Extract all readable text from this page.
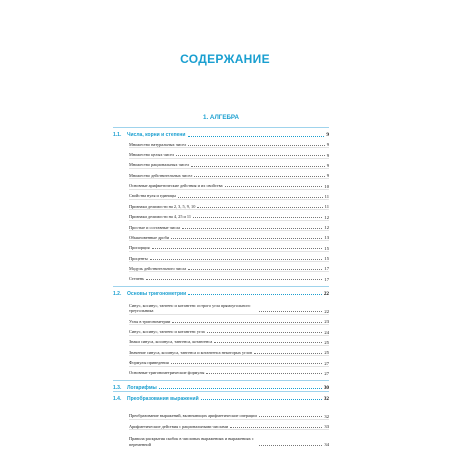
СОДЕРЖАНИЕ
1. АЛГЕБРА
1.1.	Числа, корни и степени	9
Множество натуральных чисел	9
Множество целых чисел	9
Множество рациональных чисел	9
Множество действительных чисел	9
Основные арифметические действия и их свойства	10
Свойства нуля и единицы	11
Признаки делимости на 2, 3, 5, 9, 10	11
Признаки делимости на 4, 25 и 11	12
Простые и составные числа	12
Обыкновенные дроби	13
Пропорция	15
Проценты	15
Модуль действительного числа	17
Степень	17
1.2.	Основы тригонометрии	22
Синус, косинус, тангенс и котангенс острого угла прямоугольного треугольника	22
Углы в тригонометрии	23
Синус, косинус, тангенс и котангенс угла	24
Знаки синуса, косинуса, тангенса, котангенса	25
Значение синуса, косинуса, тангенса и котангенса некоторых углов	25
Формулы приведения	27
Основные тригонометрические формулы	27
1.3.	Логарифмы	30
1.4.	Преобразования выражений	32
Преобразование выражений, включающих арифметические операции	32
Арифметические действия с рациональными числами	33
Правила раскрытия скобок в числовых выражениях и выражениях с переменной	34
